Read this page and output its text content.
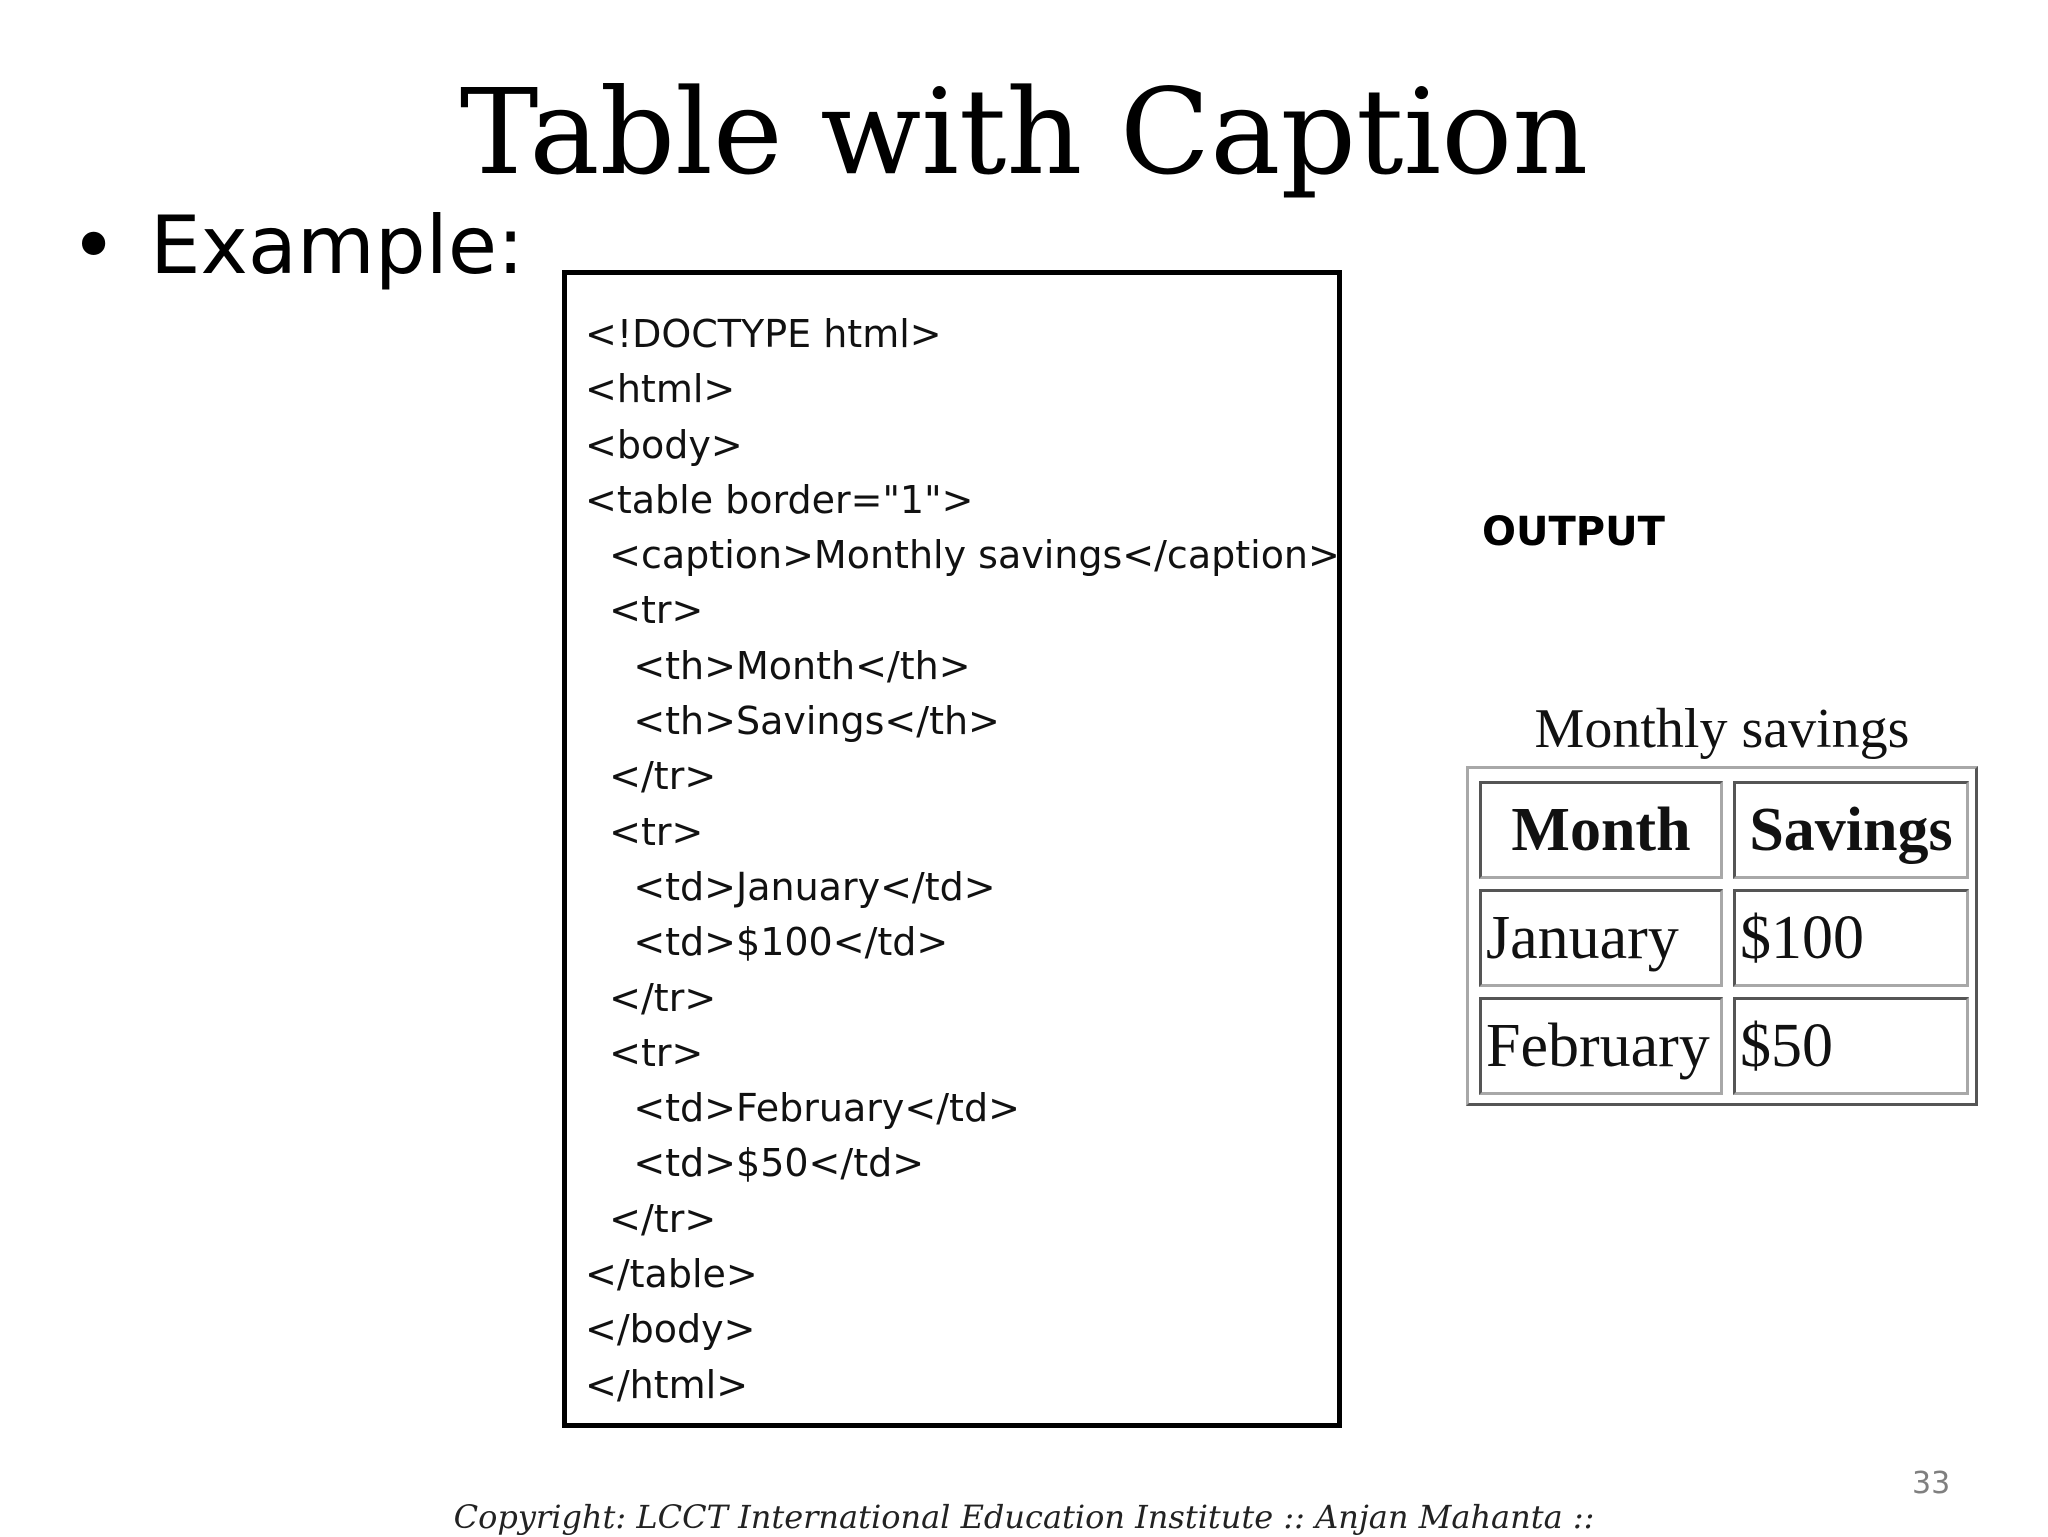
Table with Caption
• Example:
<!DOCTYPE html>
<html>
<body>
<table border="1">
<caption>Monthly savings</caption>
<tr>
<th>Month</th>
<th>Savings</th>
</tr>
<tr>
<td>January</td>
<td>$100</td>
</tr>
<tr>
<td>February</td>
<td>$50</td>
</tr>
</table>
</body>
</html>
OUTPUT
Monthly savings
Month Savings
January $100
February $50
33
Copyright: LCCT International Education Institute :: Anjan Mahanta ::
